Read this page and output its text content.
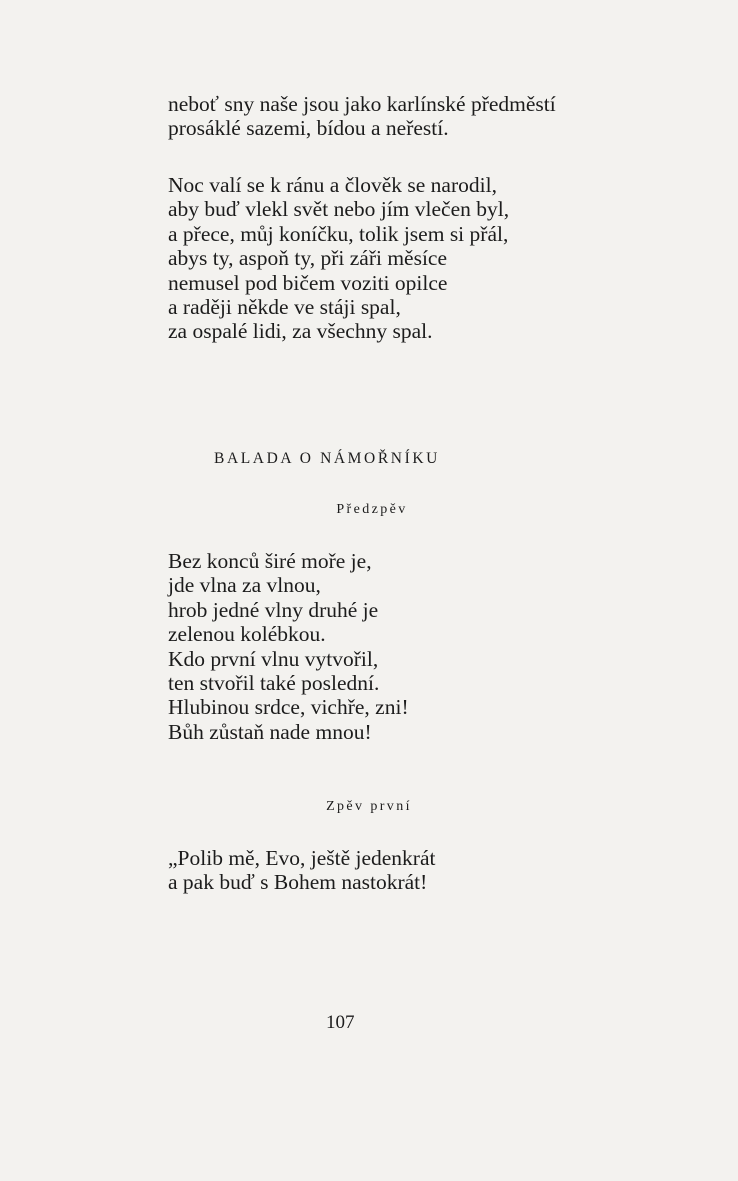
neboť sny naše jsou jako karlínské předměstí
prosáklé sazemi, bídou a neřestí.
Noc valí se k ránu a člověk se narodil,
aby buď vlekl svět nebo jím vlečen byl,
a přece, můj koníčku, tolik jsem si přál,
abys ty, aspoň ty, při záři měsíce
nemusel pod bičem voziti opilce
a raději někde ve stáji spal,
za ospalé lidi, za všechny spal.
BALADA O NÁMOŘNÍKU
Předzpěv
Bez konců širé moře je,
jde vlna za vlnou,
hrob jedné vlny druhé je
zelenou kolébkou.
Kdo první vlnu vytvořil,
ten stvořil také poslední.
Hlubinou srdce, vichře, zni!
Bůh zůstaň nade mnou!
Zpěv první
„Polib mě, Evo, ještě jedenkrát
a pak buď s Bohem nastokrát!
107
